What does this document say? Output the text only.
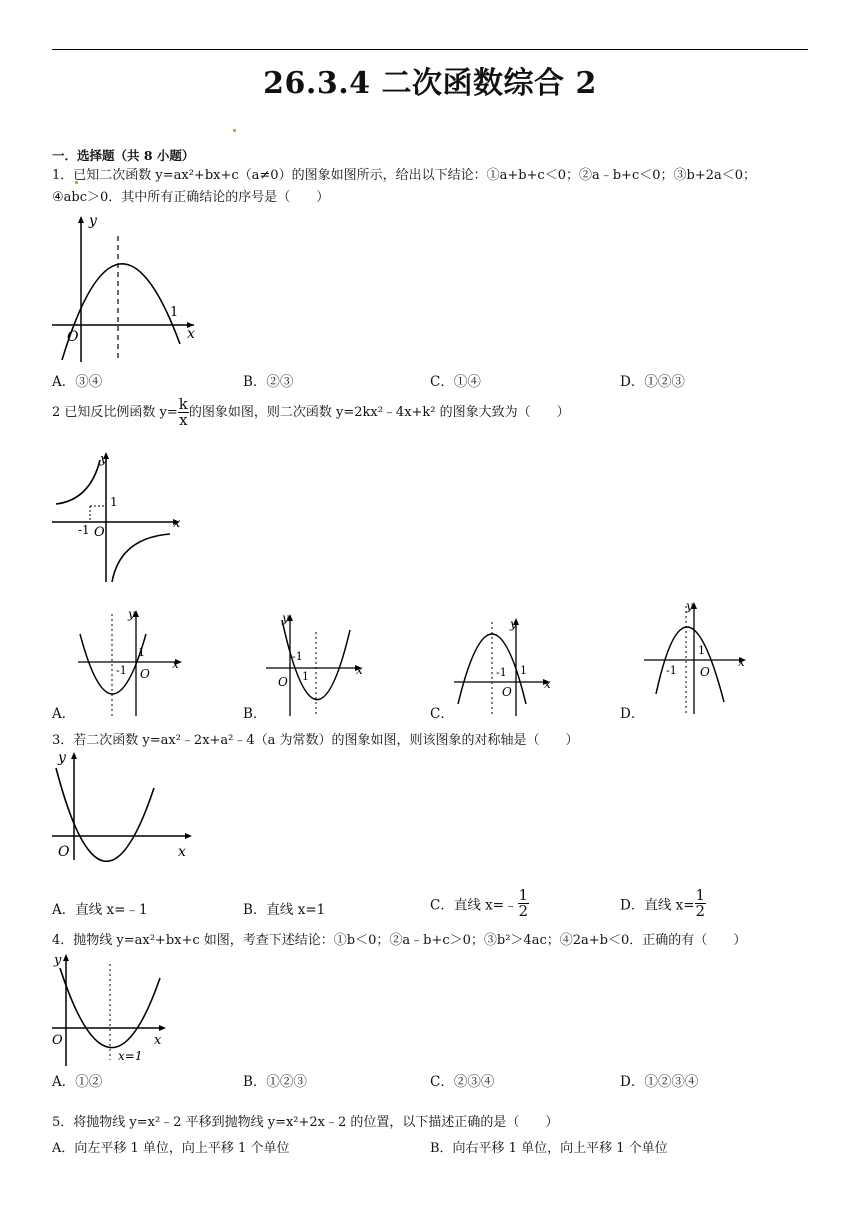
26.3.4 二次函数综合 2
一．选择题（共 8 小题）
1．已知二次函数 y=ax²+bx+c（a≠0）的图象如图所示，给出以下结论：①a+b+c＜0；②a﹣b+c＜0；③b+2a＜0；
④abc＞0．其中所有正确结论的序号是（　　）
y
x
O
1
A．③④	B．②③	C．①④	D．①②③
2 已知反比例函数 $y= \frac{k}{x}$ 的图象如图，则二次函数 y=2kx²﹣4x+k² 的图象大致为（　　）
y
x
O
1
-1
y
x
O
1
-1
A．
y
x
O 1
-1
B．
y
x
O
1
-1
C．
y
x
O
1
-1
D．
3．若二次函数 y=ax²﹣2x+a²﹣4（a 为常数）的图象如图，则该图象的对称轴是（　　）
y
x
O
A．直线 x=﹣1	B．直线 x=1	C．直线 x=﹣ $\frac{1}{2}$	D．直线 $x= \frac{1}{2}$
4．抛物线 y=ax²+bx+c 如图，考查下述结论：①b＜0；②a﹣b+c＞0；③b²＞4ac；④2a+b＜0．正确的有（　　）
y
x
O
x=1
A．①②	B．①②③	C．②③④	D．①②③④
5．将抛物线 y=x²﹣2 平移到抛物线 y=x²+2x﹣2 的位置，以下描述正确的是（　　）
A．向左平移 1 单位，向上平移 1 个单位	B．向右平移 1 单位，向上平移 1 个单位
